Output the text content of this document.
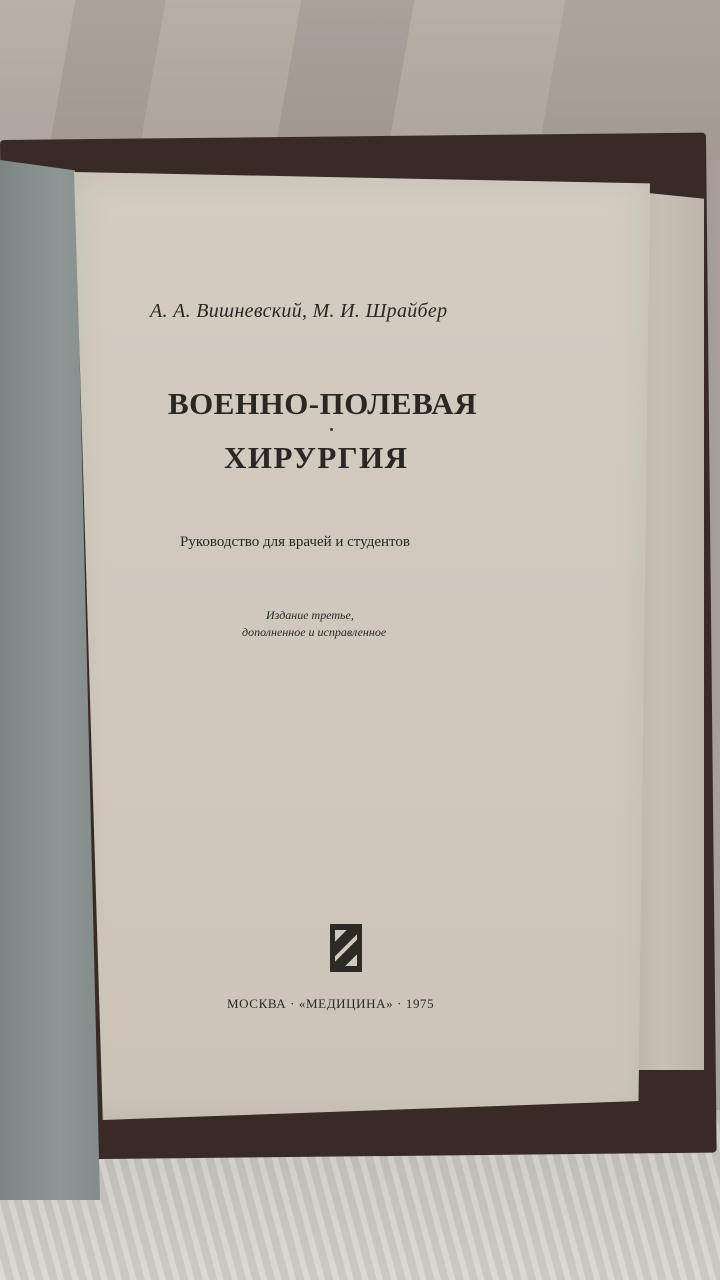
А. А. Вишневский, М. И. Шрайбер
ВОЕННО-ПОЛЕВАЯ
ХИРУРГИЯ
Руководство для врачей и студентов
Издание третье,
дополненное и исправленное
МОСКВА · «МЕДИЦИНА» · 1975
